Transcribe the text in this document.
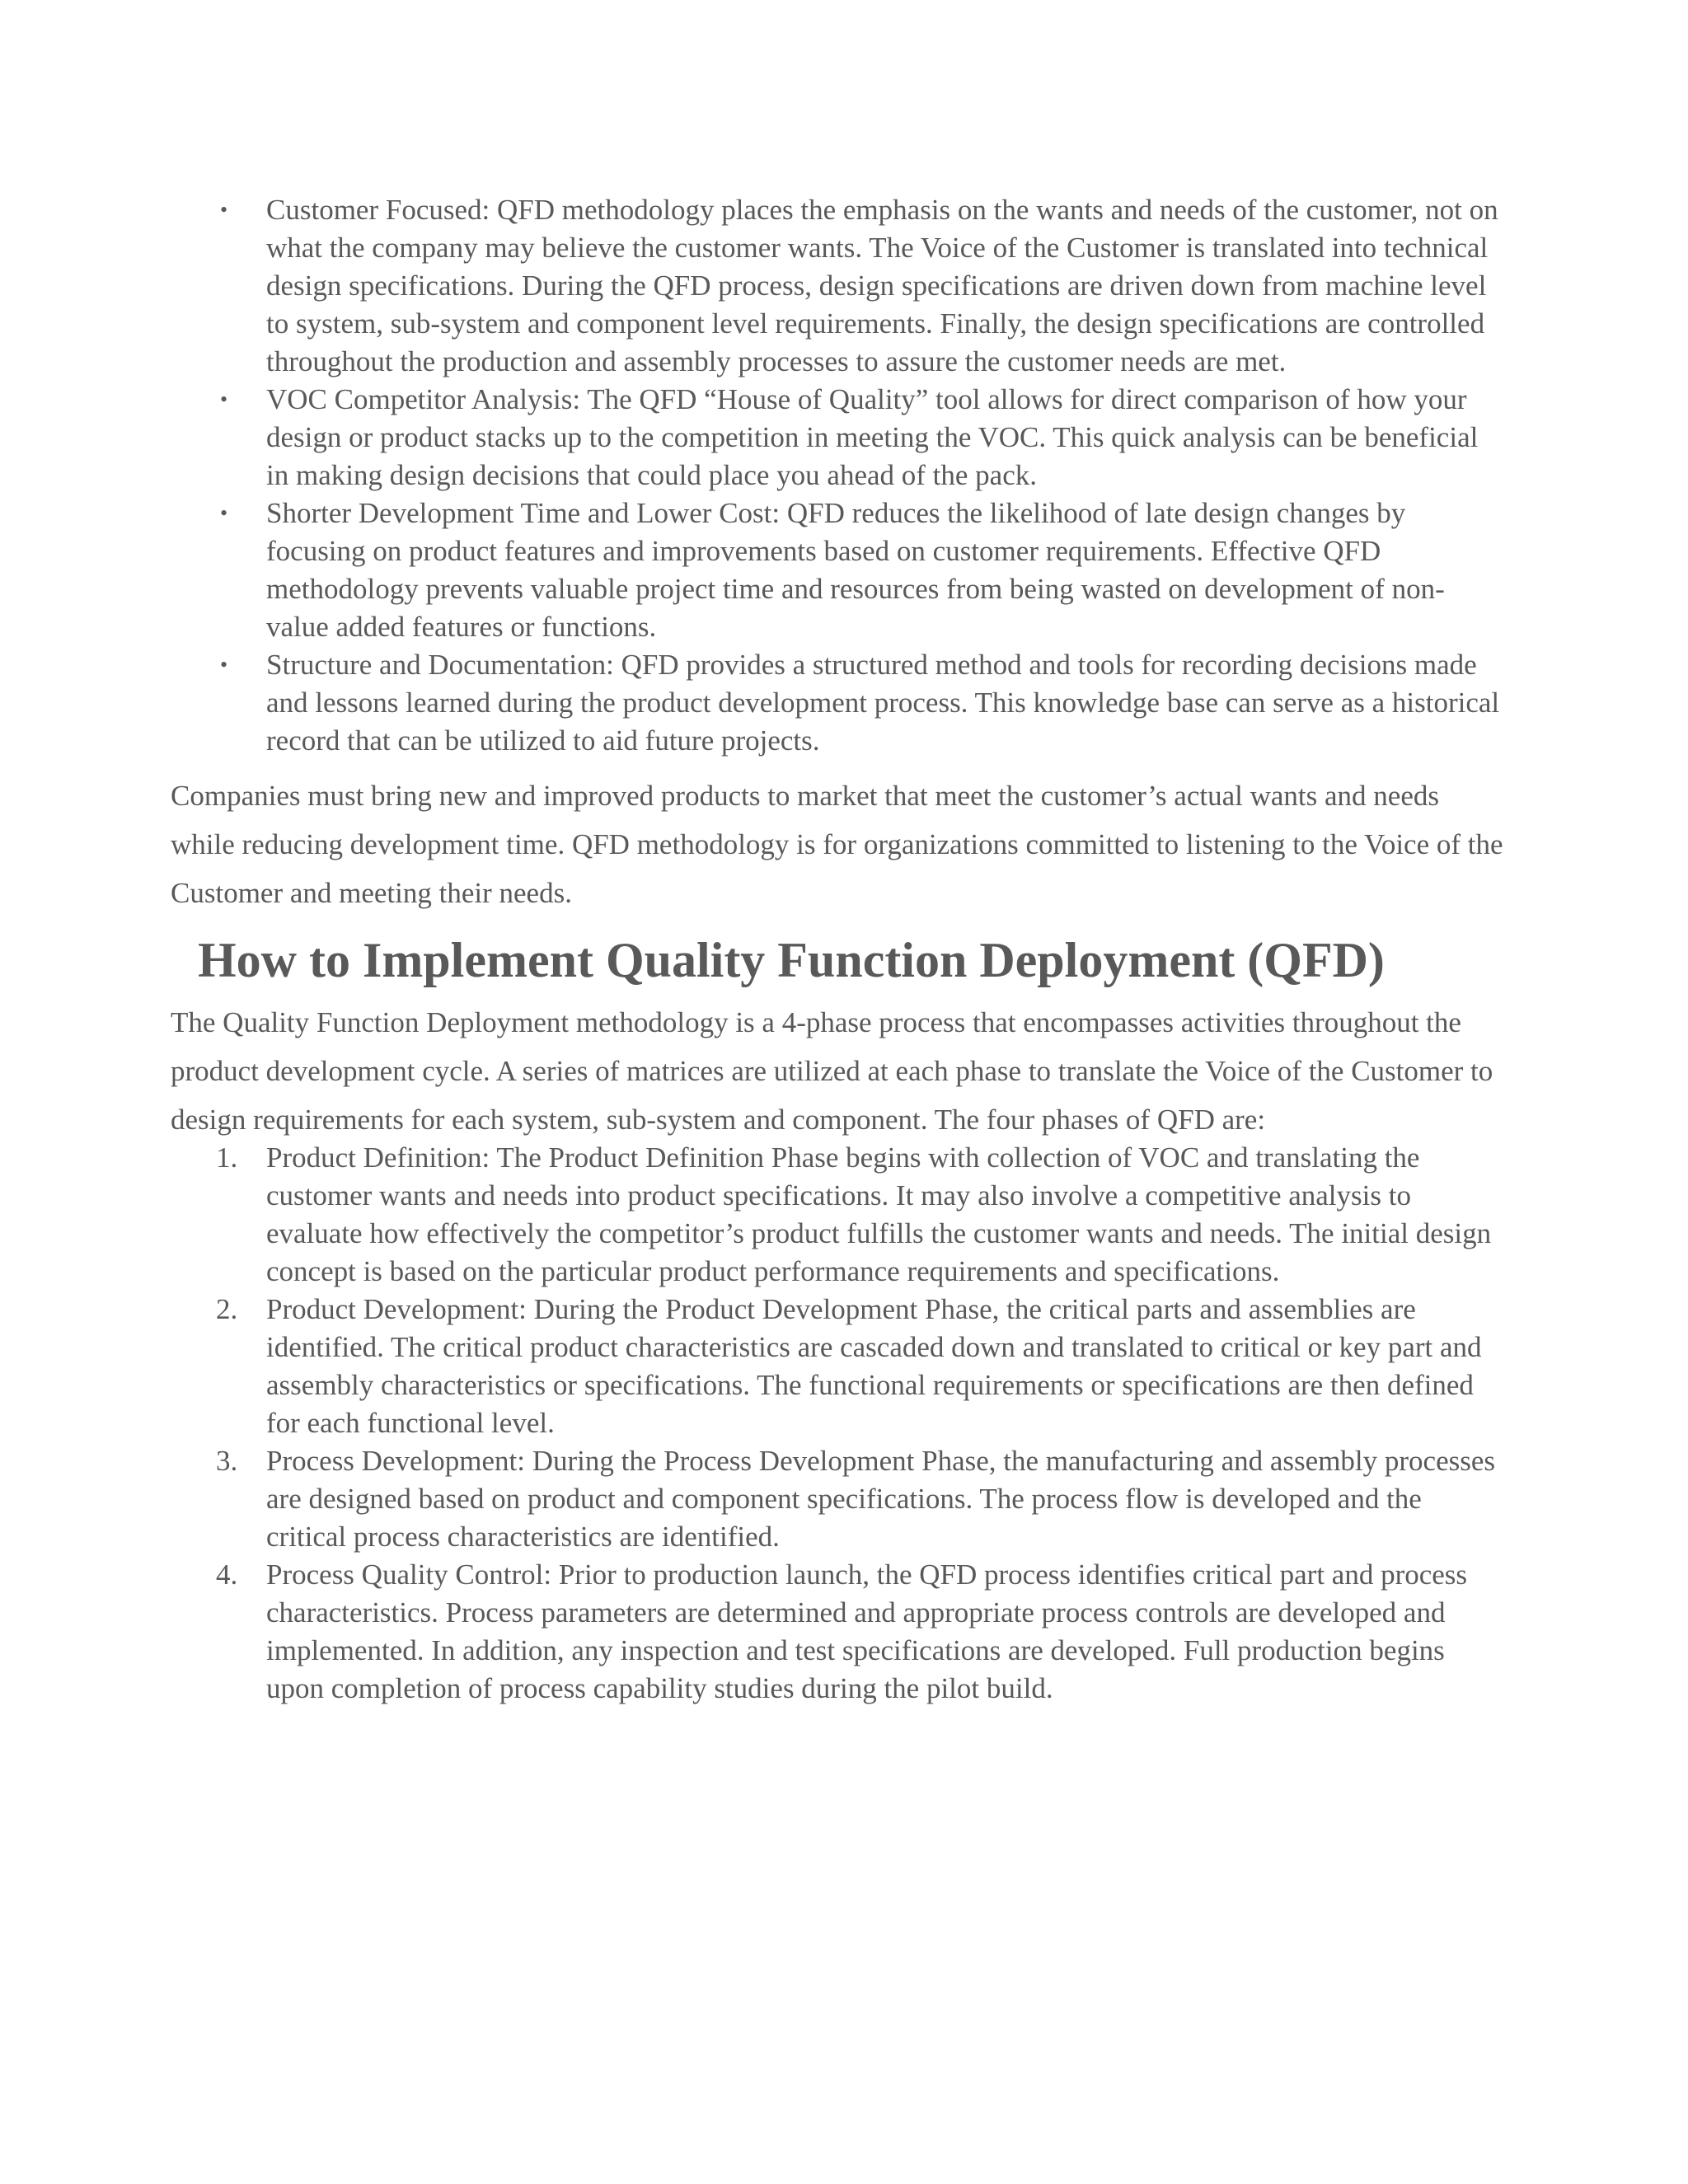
• Customer Focused: QFD methodology places the emphasis on the wants and needs of the customer, not on what the company may believe the customer wants. The Voice of the Customer is translated into technical design specifications. During the QFD process, design specifications are driven down from machine level to system, sub-system and component level requirements. Finally, the design specifications are controlled throughout the production and assembly processes to assure the customer needs are met.
• VOC Competitor Analysis: The QFD “House of Quality” tool allows for direct comparison of how your design or product stacks up to the competition in meeting the VOC. This quick analysis can be beneficial in making design decisions that could place you ahead of the pack.
• Shorter Development Time and Lower Cost: QFD reduces the likelihood of late design changes by focusing on product features and improvements based on customer requirements. Effective QFD methodology prevents valuable project time and resources from being wasted on development of non-value added features or functions.
• Structure and Documentation: QFD provides a structured method and tools for recording decisions made and lessons learned during the product development process. This knowledge base can serve as a historical record that can be utilized to aid future projects.

Companies must bring new and improved products to market that meet the customer’s actual wants and needs while reducing development time. QFD methodology is for organizations committed to listening to the Voice of the Customer and meeting their needs.

How to Implement Quality Function Deployment (QFD)

The Quality Function Deployment methodology is a 4-phase process that encompasses activities throughout the product development cycle. A series of matrices are utilized at each phase to translate the Voice of the Customer to design requirements for each system, sub-system and component. The four phases of QFD are:

1. Product Definition: The Product Definition Phase begins with collection of VOC and translating the customer wants and needs into product specifications. It may also involve a competitive analysis to evaluate how effectively the competitor’s product fulfills the customer wants and needs. The initial design concept is based on the particular product performance requirements and specifications.
2. Product Development: During the Product Development Phase, the critical parts and assemblies are identified. The critical product characteristics are cascaded down and translated to critical or key part and assembly characteristics or specifications. The functional requirements or specifications are then defined for each functional level.
3. Process Development: During the Process Development Phase, the manufacturing and assembly processes are designed based on product and component specifications. The process flow is developed and the critical process characteristics are identified.
4. Process Quality Control: Prior to production launch, the QFD process identifies critical part and process characteristics. Process parameters are determined and appropriate process controls are developed and implemented. In addition, any inspection and test specifications are developed. Full production begins upon completion of process capability studies during the pilot build.
